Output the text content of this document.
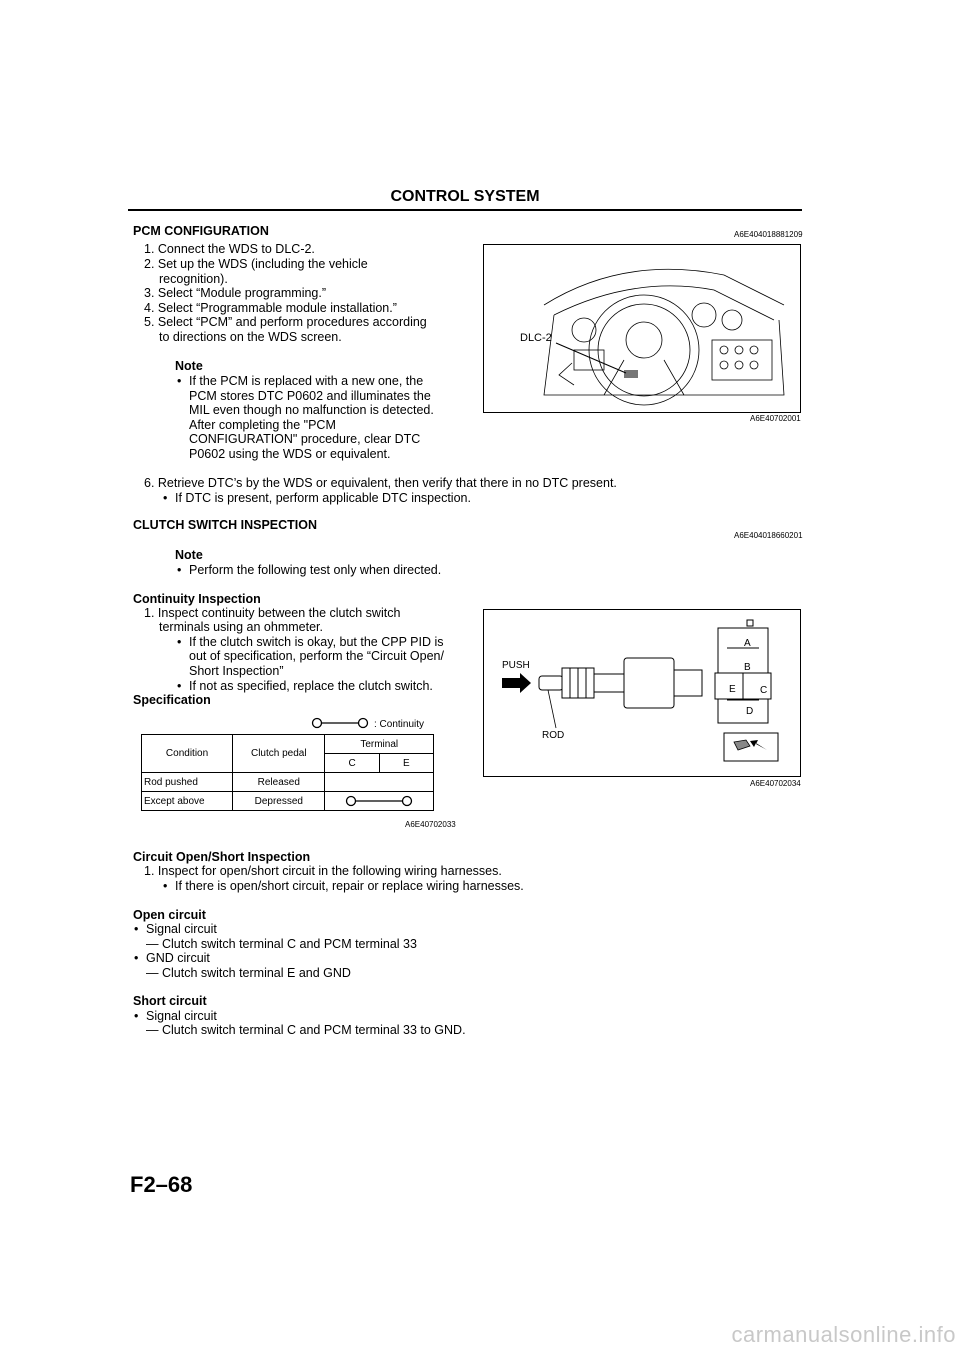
CONTROL SYSTEM
PCM CONFIGURATION	A6E404018881209
1. Connect the WDS to DLC-2.
2. Set up the WDS (including the vehicle
recognition).
3. Select “Module programming.”
4. Select “Programmable module installation.”
5. Select “PCM” and perform procedures according
to directions on the WDS screen.
Note
• If the PCM is replaced with a new one, the
PCM stores DTC P0602 and illuminates the
MIL even though no malfunction is detected.
After completing the "PCM
CONFIGURATION" procedure, clear DTC
P0602 using the WDS or equivalent.
6. Retrieve DTC’s by the WDS or equivalent, then verify that there in no DTC present.
• If DTC is present, perform applicable DTC inspection.
DLC-2
A6E40702001
CLUTCH SWITCH INSPECTION
A6E404018660201
Note
• Perform the following test only when directed.
Continuity Inspection
1. Inspect continuity between the clutch switch
terminals using an ohmmeter.
• If the clutch switch is okay, but the CPP PID is
out of specification, perform the “Circuit Open/
Short Inspection”
• If not as specified, replace the clutch switch.
Specification
: Continuity
Condition	Clutch pedal	Terminal	
		C	E
Rod pushed	Released		
Except above	Depressed	
A6E40702033
PUSH
ROD
A
B
E C
D
A6E40702034
Circuit Open/Short Inspection
1. Inspect for open/short circuit in the following wiring harnesses.
• If there is open/short circuit, repair or replace wiring harnesses.
Open circuit
• Signal circuit
— Clutch switch terminal C and PCM terminal 33
• GND circuit
— Clutch switch terminal E and GND
Short circuit
• Signal circuit
— Clutch switch terminal C and PCM terminal 33 to GND.
F2–68
carmanualsonline.info
